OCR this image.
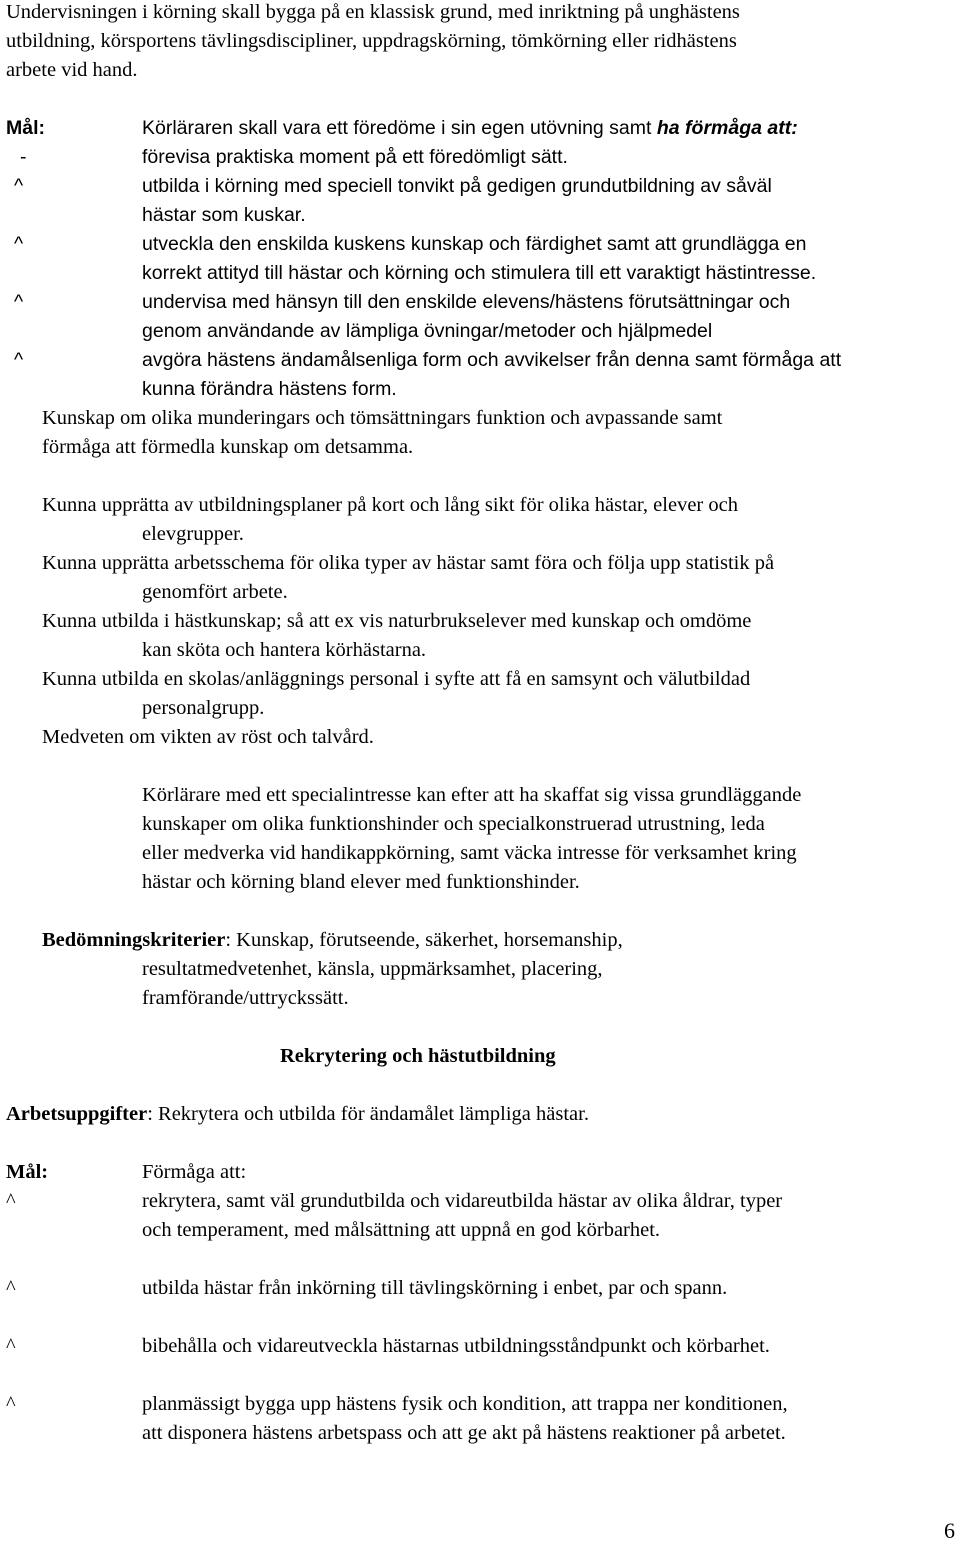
Undervisningen i körning skall bygga på en klassisk grund, med inriktning på unghästens
utbildning, körsportens tävlingsdiscipliner, uppdragskörning, tömkörning eller ridhästens
arbete vid hand.
Mål:	Körläraren skall vara ett föredöme i sin egen utövning samt ha förmåga att:
-	förevisa praktiska moment på ett föredömligt sätt.
^	utbilda i körning med speciell tonvikt på gedigen grundutbildning av såväl
hästar som kuskar.
^	utveckla den enskilda kuskens kunskap och färdighet samt att grundlägga en
korrekt attityd till hästar och körning och stimulera till ett varaktigt hästintresse.
^	undervisa med hänsyn till den enskilde elevens/hästens förutsättningar och
genom användande av lämpliga övningar/metoder och hjälpmedel
^	avgöra hästens ändamålsenliga form och avvikelser från denna samt förmåga att
kunna förändra hästens form.
Kunskap om olika munderingars och tömsättningars funktion och avpassande samt
förmåga att förmedla kunskap om detsamma.
Kunna upprätta av utbildningsplaner på kort och lång sikt för olika hästar, elever och
elevgrupper.
Kunna upprätta arbetsschema för olika typer av hästar samt föra och följa upp statistik på
genomfört arbete.
Kunna utbilda i hästkunskap; så att ex vis naturbrukselever med kunskap och omdöme
kan sköta och hantera körhästarna.
Kunna utbilda en skolas/anläggnings personal i syfte att få en samsynt och välutbildad
personalgrupp.
Medveten om vikten av röst och talvård.
Körlärare med ett specialintresse kan efter att ha skaffat sig vissa grundläggande
kunskaper om olika funktionshinder och specialkonstruerad utrustning, leda
eller medverka vid handikappkörning, samt väcka intresse för verksamhet kring
hästar och körning bland elever med funktionshinder.
Bedömningskriterier: Kunskap, förutseende, säkerhet, horsemanship,
resultatmedvetenhet, känsla, uppmärksamhet, placering,
framförande/uttryckssätt.
Rekrytering och hästutbildning
Arbetsuppgifter: Rekrytera och utbilda för ändamålet lämpliga hästar.
Mål:	Förmåga att:
^	rekrytera, samt väl grundutbilda och vidareutbilda hästar av olika åldrar, typer
och temperament, med målsättning att uppnå en god körbarhet.
^	utbilda hästar från inkörning till tävlingskörning i enbet, par och spann.
^	bibehålla och vidareutveckla hästarnas utbildningsståndpunkt och körbarhet.
^	planmässigt bygga upp hästens fysik och kondition, att trappa ner konditionen,
att disponera hästens arbetspass och att ge akt på hästens reaktioner på arbetet.
6
